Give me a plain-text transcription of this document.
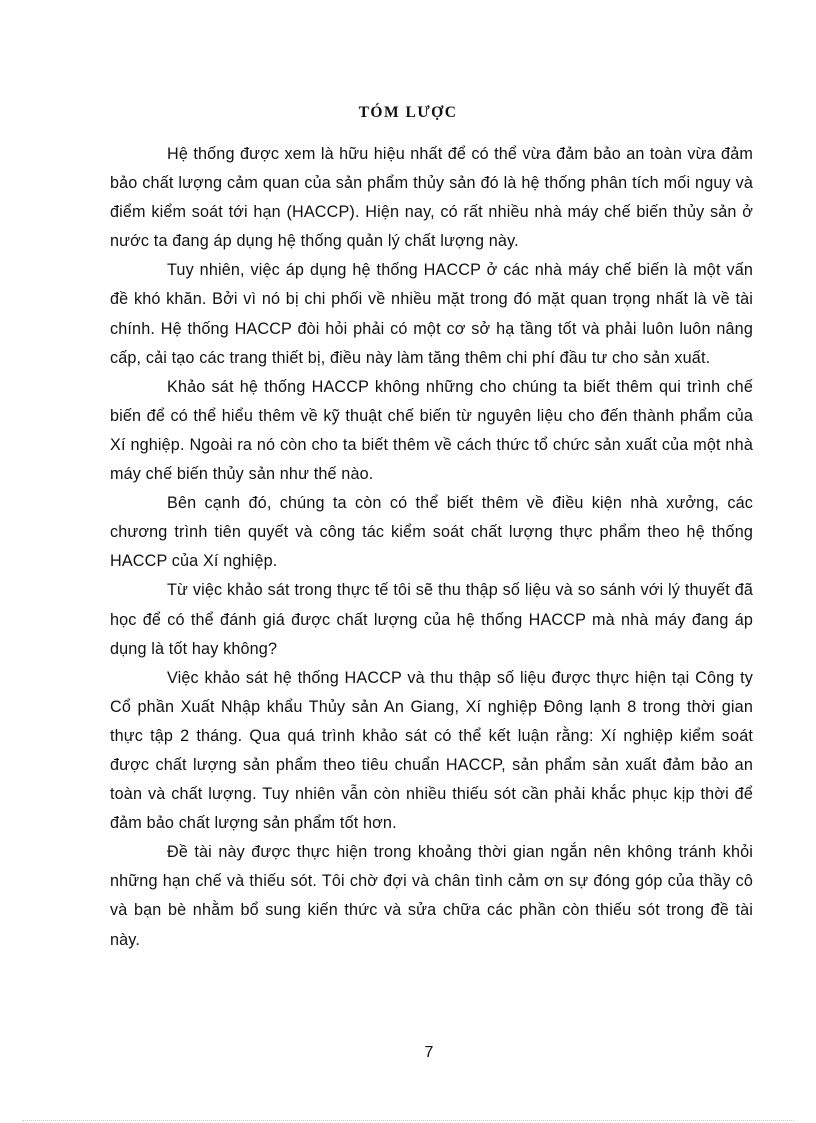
TÓM LƯỢC

Hệ thống được xem là hữu hiệu nhất để có thể vừa đảm bảo an toàn vừa đảm bảo chất lượng cảm quan của sản phẩm thủy sản đó là hệ thống phân tích mối nguy và điểm kiểm soát tới hạn (HACCP). Hiện nay, có rất nhiều nhà máy chế biến thủy sản ở nước ta đang áp dụng hệ thống quản lý chất lượng này.

Tuy nhiên, việc áp dụng hệ thống HACCP ở các nhà máy chế biến là một vấn đề khó khăn. Bởi vì nó bị chi phối về nhiều mặt trong đó mặt quan trọng nhất là về tài chính. Hệ thống HACCP đòi hỏi phải có một cơ sở hạ tầng tốt và phải luôn luôn nâng cấp, cải tạo các trang thiết bị, điều này làm tăng thêm chi phí đầu tư cho sản xuất.

Khảo sát hệ thống HACCP không những cho chúng ta biết thêm qui trình chế biến để có thể hiểu thêm về kỹ thuật chế biến từ nguyên liệu cho đến thành phẩm của Xí nghiệp. Ngoài ra nó còn cho ta biết thêm về cách thức tổ chức sản xuất của một nhà máy chế biến thủy sản như thế nào.

Bên cạnh đó, chúng ta còn có thể biết thêm về điều kiện nhà xưởng, các chương trình tiên quyết và công tác kiểm soát chất lượng thực phẩm theo hệ thống HACCP của Xí nghiệp.

Từ việc khảo sát trong thực tế tôi sẽ thu thập số liệu và so sánh với lý thuyết đã học để có thể đánh giá được chất lượng của hệ thống HACCP mà nhà máy đang áp dụng là tốt hay không?

Việc khảo sát hệ thống HACCP và thu thập số liệu được thực hiện tại Công ty Cổ phần Xuất Nhập khẩu Thủy sản An Giang, Xí nghiệp Đông lạnh 8 trong thời gian thực tập 2 tháng. Qua quá trình khảo sát có thể kết luận rằng: Xí nghiệp kiểm soát được chất lượng sản phẩm theo tiêu chuẩn HACCP, sản phẩm sản xuất đảm bảo an toàn và chất lượng. Tuy nhiên vẫn còn nhiều thiếu sót cần phải khắc phục kịp thời để đảm bảo chất lượng sản phẩm tốt hơn.

Đề tài này được thực hiện trong khoảng thời gian ngắn nên không tránh khỏi những hạn chế và thiếu sót. Tôi chờ đợi và chân tình cảm ơn sự đóng góp của thầy cô và bạn bè nhằm bổ sung kiến thức và sửa chữa các phần còn thiếu sót trong đề tài này.

7
